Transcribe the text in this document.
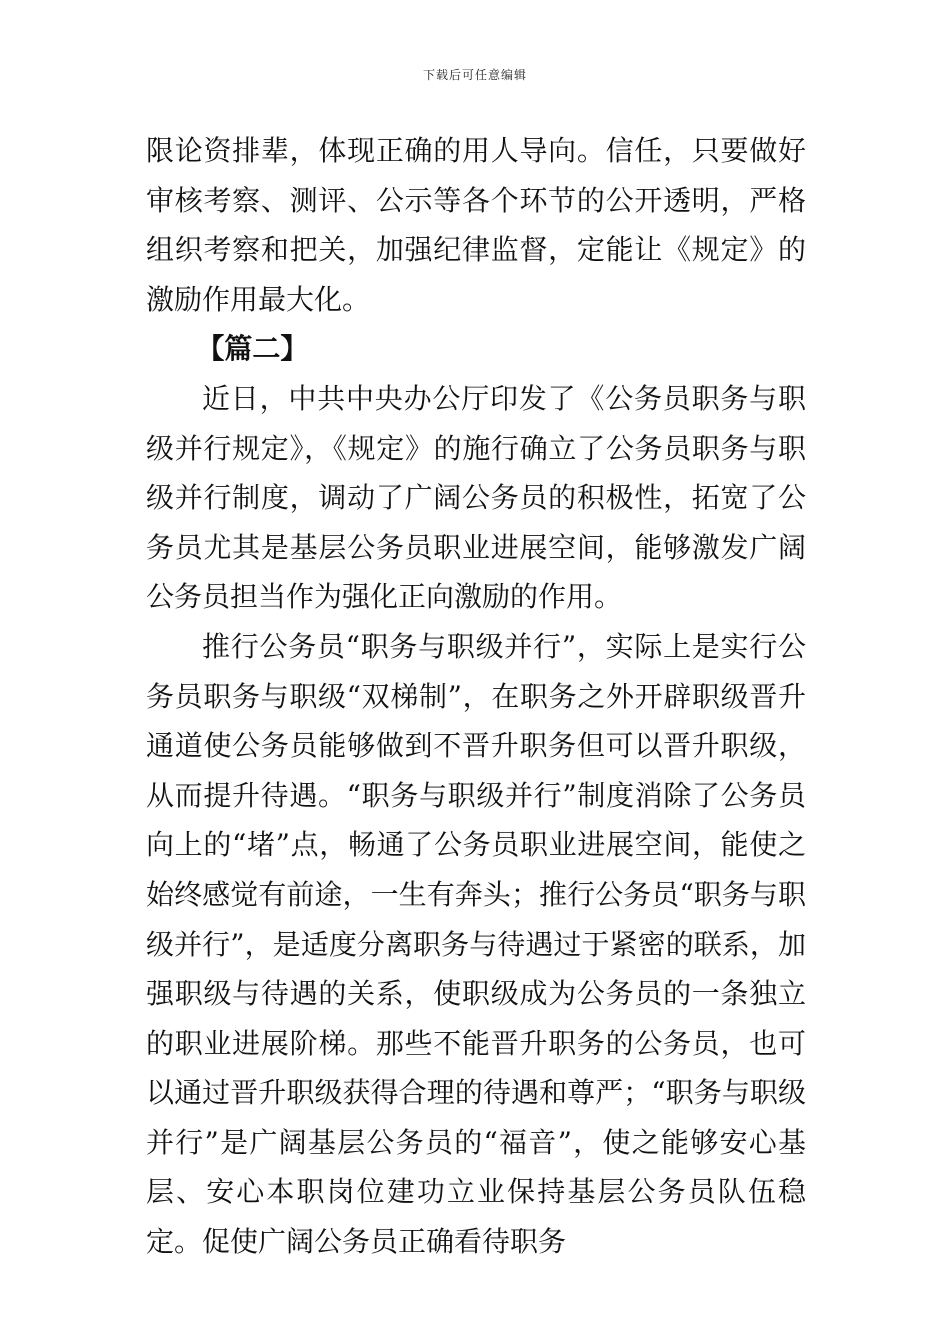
下载后可任意编辑

限论资排辈，体现正确的用人导向。信任，只要做好审核考察、测评、公示等各个环节的公开透明，严格组织考察和把关，加强纪律监督，定能让《规定》的激励作用最大化。

【篇二】

近日，中共中央办公厅印发了《公务员职务与职级并行规定》，《规定》的施行确立了公务员职务与职级并行制度，调动了广阔公务员的积极性，拓宽了公务员尤其是基层公务员职业进展空间，能够激发广阔公务员担当作为强化正向激励的作用。

推行公务员“职务与职级并行”，实际上是实行公务员职务与职级“双梯制”，在职务之外开辟职级晋升通道使公务员能够做到不晋升职务但可以晋升职级，从而提升待遇。“职务与职级并行”制度消除了公务员向上的“堵”点，畅通了公务员职业进展空间，能使之始终感觉有前途，一生有奔头；推行公务员“职务与职级并行”，是适度分离职务与待遇过于紧密的联系，加强职级与待遇的关系，使职级成为公务员的一条独立的职业进展阶梯。那些不能晋升职务的公务员，也可以通过晋升职级获得合理的待遇和尊严；“职务与职级并行”是广阔基层公务员的“福音”，使之能够安心基层、安心本职岗位建功立业保持基层公务员队伍稳定。促使广阔公务员正确看待职务
